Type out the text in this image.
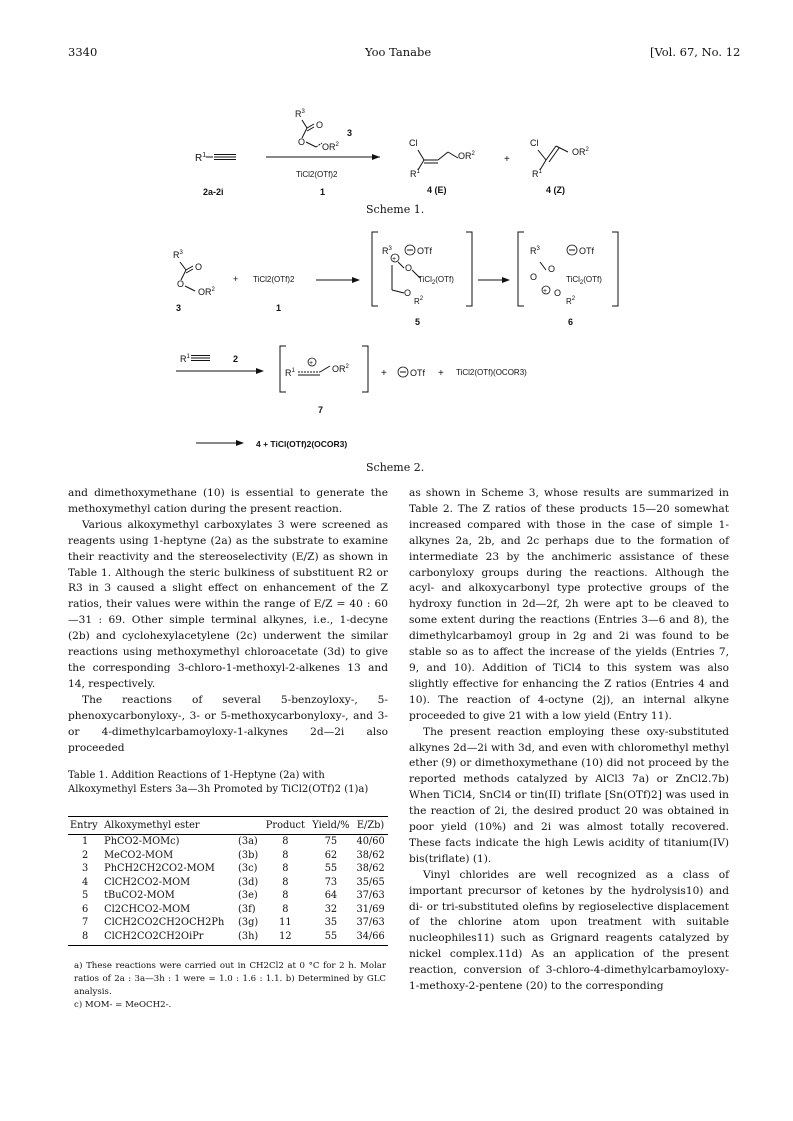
3340	Yoo Tanabe	[Vol. 67, No. 12
$R^1$
2a-2i
$R^3$
O
O $OR^2$
3
TiCl2(OTf)2
1
Cl
$R^1$
$OR^2$
4 (E)
+
Cl
$R^1$
$OR^2$
4 (Z)
$R^3$
O
O
$OR^2$
3
+ TiCl2(OTf)2
1
$R^3$
+
O
TiCl$_2$(OTf)
O
$R^2$
OTf
5
$R^3$	OTf
O
O
TiCl$_2$(OTf)
+ O
$R^2$
6
$R^1$	2
$R^1$
+
$OR^2$
7
+	OTf + TiCl2(OTf)(OCOR3)
4 + TiCl(OTf)2(OCOR3)
Scheme 1.
Scheme 2.

and dimethoxymethane (10) is essential to generate the methoxymethyl cation during the present reaction.

Various alkoxymethyl carboxylates 3 were screened as reagents using 1-heptyne (2a) as the substrate to examine their reactivity and the stereoselectivity (E/Z) as shown in Table 1. Although the steric bulkiness of substituent R2 or R3 in 3 caused a slight effect on enhancement of the Z ratios, their values were within the range of E/Z = 40 : 60—31 : 69. Other simple terminal alkynes, i.e., 1-decyne (2b) and cyclohexylacetylene (2c) underwent the similar reactions using methoxymethyl chloroacetate (3d) to give the corresponding 3-chloro-1-methoxyl-2-alkenes 13 and 14, respectively.

The reactions of several 5-benzoyloxy-, 5-phenoxycarbonyloxy-, 3- or 5-methoxycarbonyloxy-, and 3- or 4-dimethylcarbamoyloxy-1-alkynes 2d—2i also proceeded

as shown in Scheme 3, whose results are summarized in Table 2. The Z ratios of these products 15—20 somewhat increased compared with those in the case of simple 1-alkynes 2a, 2b, and 2c perhaps due to the formation of intermediate 23 by the anchimeric assistance of these carbonyloxy groups during the reactions. Although the acyl- and alkoxycarbonyl type protective groups of the hydroxy function in 2d—2f, 2h were apt to be cleaved to some extent during the reactions (Entries 3—6 and 8), the dimethylcarbamoyl group in 2g and 2i was found to be stable so as to affect the increase of the yields (Entries 7, 9, and 10). Addition of TiCl4 to this system was also slightly effective for enhancing the Z ratios (Entries 4 and 10). The reaction of 4-octyne (2j), an internal alkyne proceeded to give 21 with a low yield (Entry 11).

The present reaction employing these oxy-substituted alkynes 2d—2i with 3d, and even with chloromethyl methyl ether (9) or dimethoxymethane (10) did not proceed by the reported methods catalyzed by AlCl3 7a) or ZnCl2.7b) When TiCl4, SnCl4 or tin(II) triflate [Sn(OTf)2] was used in the reaction of 2i, the desired product 20 was obtained in poor yield (10%) and 2i was almost totally recovered. These facts indicate the high Lewis acidity of titanium(IV) bis(triflate) (1).

Vinyl chlorides are well recognized as a class of important precursor of ketones by the hydrolysis10) and di- or tri-substituted olefins by regioselective displacement of the chlorine atom upon treatment with suitable nucleophiles11) such as Grignard reagents catalyzed by nickel complex.11d) As an application of the present reaction, conversion of 3-chloro-4-dimethylcarbamoyloxy-1-methoxy-2-pentene (20) to the corresponding

Table 1. Addition Reactions of 1-Heptyne (2a) with Alkoxymethyl Esters 3a—3h Promoted by TiCl2(OTf)2 (1)a)
Entry	Alkoxymethyl ester		Product	Yield/%	E/Zb)
1	PhCO2-MOMc)	(3a)	8	75	40/60
2	MeCO2-MOM	(3b)	8	62	38/62
3	PhCH2CH2CO2-MOM	(3c)	8	55	38/62
4	ClCH2CO2-MOM	(3d)	8	73	35/65
5	tBuCO2-MOM	(3e)	8	64	37/63
6	Cl2CHCO2-MOM	(3f)	8	32	31/69
7	ClCH2CO2CH2OCH2Ph	(3g)	11	35	37/63
8	ClCH2CO2CH2OiPr	(3h)	12	55	34/66
a) These reactions were carried out in CH2Cl2 at 0 °C for 2 h. Molar ratios of 2a : 3a—3h : 1 were = 1.0 : 1.6 : 1.1. b) Determined by GLC analysis.
c) MOM- = MeOCH2-.
